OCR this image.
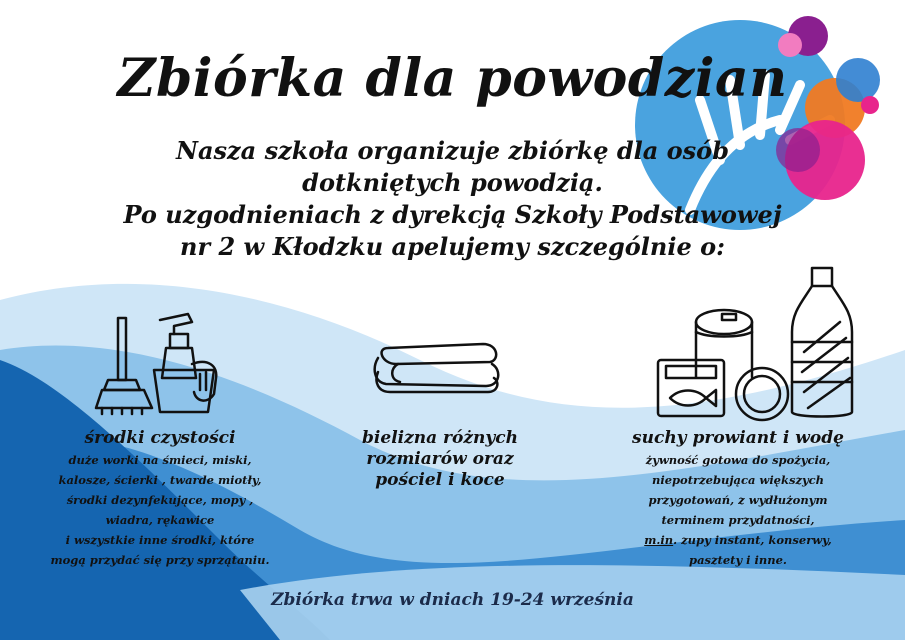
Zbiórka dla powodzian
Nasza szkoła organizuje zbiórkę dla osób
dotkniętych powodzią.
Po uzgodnieniach z dyrekcją Szkoły Podstawowej
nr 2 w Kłodzku apelujemy szczególnie o:
środki czystości
duże worki na śmieci, miski,
kalosze, ścierki , twarde miotły,
środki dezynfekujące, mopy ,
wiadra, rękawice
i wszystkie inne środki, które
mogą przydać się przy sprzątaniu.
bielizna różnych
rozmiarów oraz
pościel i koce
suchy prowiant i wodę
żywność gotowa do spożycia,
niepotrzebująca większych
przygotowań, z wydłużonym
terminem przydatności,
m.in. zupy instant, konserwy,
pasztety i inne.
Zbiórka trwa w dniach 19-24 września
